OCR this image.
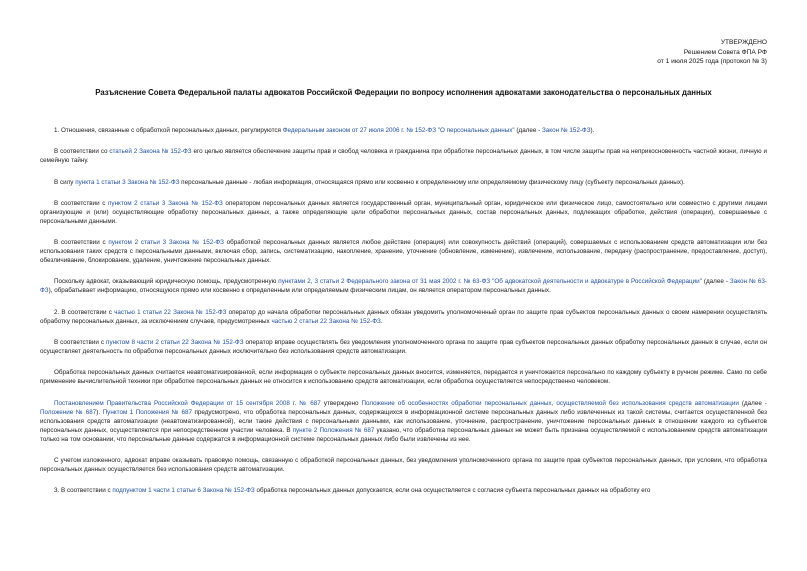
УТВЕРЖДЕНО
Решением Совета ФПА РФ
от 1 июля 2025 года (протокол № 3)
Разъяснение Совета Федеральной палаты адвокатов Российской Федерации по вопросу исполнения адвокатами законодательства о персональных данных

1. Отношения, связанные с обработкой персональных данных, регулируются Федеральным законом от 27 июля 2006 г. № 152-ФЗ "О персональных данных" (далее - Закон № 152-ФЗ).

В соответствии со статьей 2 Закона № 152-ФЗ его целью является обеспечение защиты прав и свобод человека и гражданина при обработке персональных данных, в том числе защиты прав на неприкосновенность частной жизни, личную и семейную тайну.

В силу пункта 1 статьи 3 Закона № 152-ФЗ персональные данные - любая информация, относящаяся прямо или косвенно к определенному или определяемому физическому лицу (субъекту персональных данных).

В соответствии с пунктом 2 статьи 3 Закона № 152-ФЗ оператором персональных данных является государственный орган, муниципальный орган, юридическое или физическое лицо, самостоятельно или совместно с другими лицами организующие и (или) осуществляющие обработку персональных данных, а также определяющие цели обработки персональных данных, состав персональных данных, подлежащих обработке, действия (операции), совершаемые с персональными данными.

В соответствии с пунктом 2 статьи 3 Закона № 152-ФЗ обработкой персональных данных является любое действие (операция) или совокупность действий (операций), совершаемых с использованием средств автоматизации или без использования таких средств с персональными данными, включая сбор, запись, систематизацию, накопление, хранение, уточнение (обновление, изменение), извлечение, использование, передачу (распространение, предоставление, доступ), обезличивание, блокирование, удаление, уничтожение персональных данных.

Поскольку адвокат, оказывающий юридическую помощь, предусмотренную пунктами 2, 3 статьи 2 Федерального закона от 31 мая 2002 г. № 63-ФЗ "Об адвокатской деятельности и адвокатуре в Российской Федерации" (далее - Закон № 63-ФЗ), обрабатывает информацию, относящуюся прямо или косвенно к определенным или определяемым физическим лицам, он является оператором персональных данных.

2. В соответствии с частью 1 статьи 22 Закона № 152-ФЗ оператор до начала обработки персональных данных обязан уведомить уполномоченный орган по защите прав субъектов персональных данных о своем намерении осуществлять обработку персональных данных, за исключением случаев, предусмотренных частью 2 статьи 22 Закона № 152-ФЗ.

В соответствии с пунктом 8 части 2 статьи 22 Закона № 152-ФЗ оператор вправе осуществлять без уведомления уполномоченного органа по защите прав субъектов персональных данных обработку персональных данных в случае, если он осуществляет деятельность по обработке персональных данных исключительно без использования средств автоматизации.

Обработка персональных данных считается неавтоматизированной, если информация о субъекте персональных данных вносится, изменяется, передается и уничтожается персонально по каждому субъекту в ручном режиме. Само по себе применение вычислительной техники при обработке персональных данных не относится к использованию средств автоматизации, если обработка осуществляется непосредственно человеком.

Постановлением Правительства Российской Федерации от 15 сентября 2008 г. № 687 утверждено Положение об особенностях обработки персональных данных, осуществляемой без использования средств автоматизации (далее - Положение № 687). Пунктом 1 Положения № 687 предусмотрено, что обработка персональных данных, содержащихся в информационной системе персональных данных либо извлеченных из такой системы, считается осуществленной без использования средств автоматизации (неавтоматизированной), если такие действия с персональными данными, как использование, уточнение, распространение, уничтожение персональных данных в отношении каждого из субъектов персональных данных, осуществляются при непосредственном участии человека. В пункте 2 Положения № 687 указано, что обработка персональных данных не может быть признана осуществляемой с использованием средств автоматизации только на том основании, что персональные данные содержатся в информационной системе персональных данных либо были извлечены из нее.

С учетом изложенного, адвокат вправе оказывать правовую помощь, связанную с обработкой персональных данных, без уведомления уполномоченного органа по защите прав субъектов персональных данных, при условии, что обработка персональных данных осуществляется без использования средств автоматизации.

3. В соответствии с подпунктом 1 части 1 статьи 6 Закона № 152-ФЗ обработка персональных данных допускается, если она осуществляется с согласия субъекта персональных данных на обработку его
